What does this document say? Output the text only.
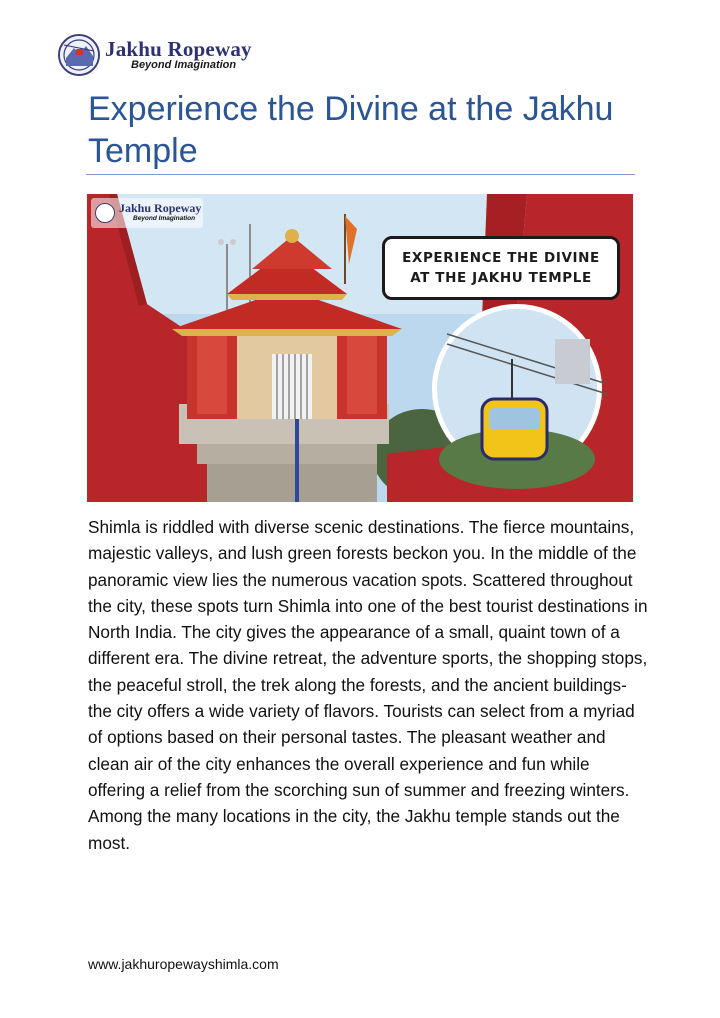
Jakhu Ropeway
Beyond Imagination
Experience the Divine at the Jakhu Temple
Jakhu Ropeway
Beyond Imagination
EXPERIENCE THE DIVINE
AT THE JAKHU TEMPLE

Shimla is riddled with diverse scenic destinations. The fierce mountains, majestic valleys, and lush green forests beckon you. In the middle of the panoramic view lies the numerous vacation spots. Scattered throughout the city, these spots turn Shimla into one of the best tourist destinations in North India. The city gives the appearance of a small, quaint town of a different era. The divine retreat, the adventure sports, the shopping stops, the peaceful stroll, the trek along the forests, and the ancient buildings- the city offers a wide variety of flavors. Tourists can select from a myriad of options based on their personal tastes. The pleasant weather and clean air of the city enhances the overall experience and fun while offering a relief from the scorching sun of summer and freezing winters. Among the many locations in the city, the Jakhu temple stands out the most.

www.jakhuropewayshimla.com
